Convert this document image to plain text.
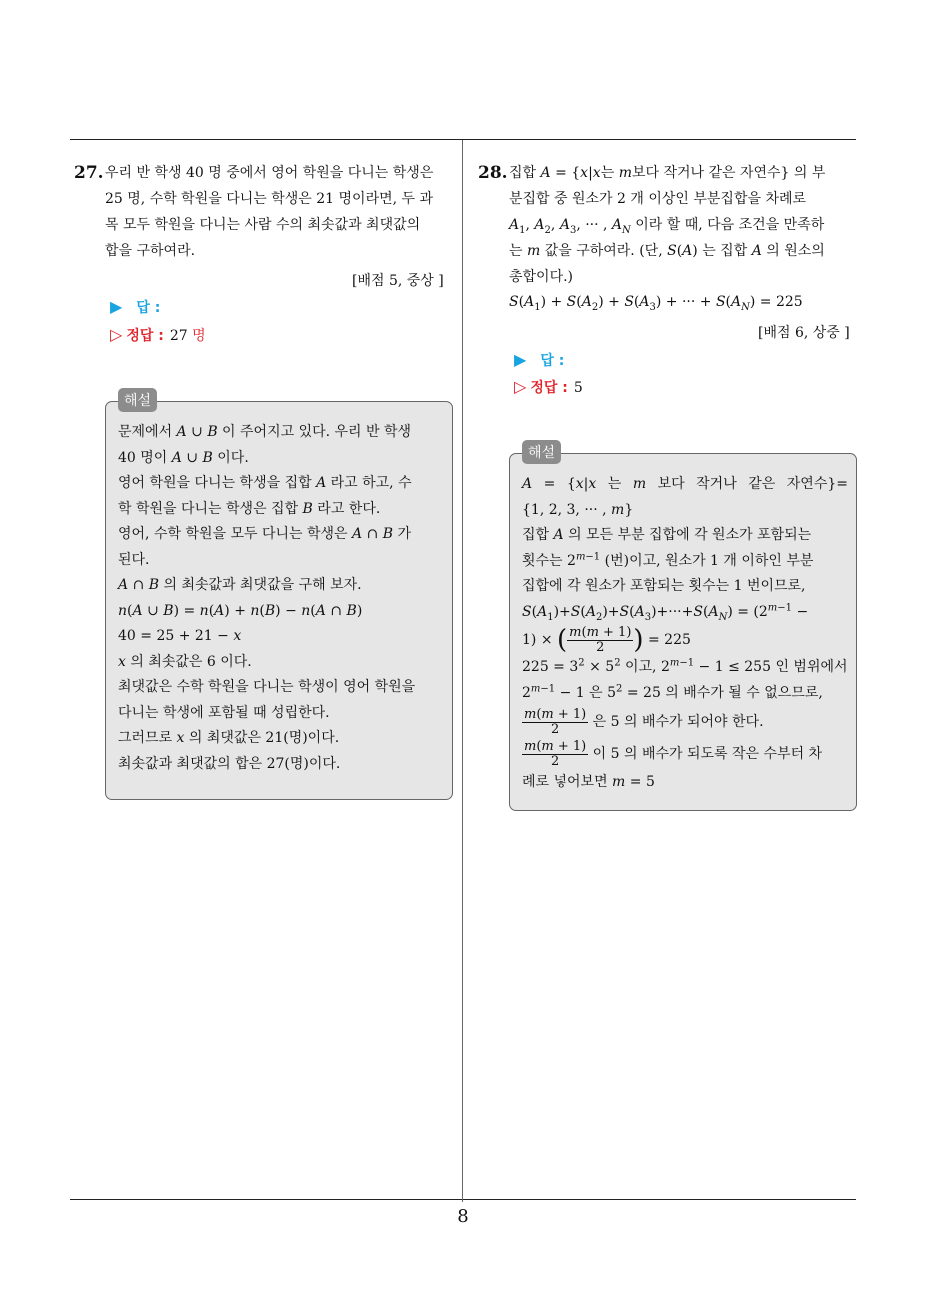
27. 우리 반 학생 40 명 중에서 영어 학원을 다니는 학생은
25 명, 수학 학원을 다니는 학생은 21 명이라면, 두 과
목 모두 학원을 다니는 사람 수의 최솟값과 최댓값의
합을 구하여라.
[배점 5, 중상 ]
▶ 답 :
▷ 정답 : 27 명
해설
문제에서 A ∪ B 이 주어지고 있다. 우리 반 학생
40 명이 A ∪ B 이다.
영어 학원을 다니는 학생을 집합 A 라고 하고, 수
학 학원을 다니는 학생은 집합 B 라고 한다.
영어, 수학 학원을 모두 다니는 학생은 A ∩ B 가
된다.
A ∩ B 의 최솟값과 최댓값을 구해 보자.
n(A ∪ B) = n(A) + n(B) − n(A ∩ B)
40 = 25 + 21 − x
x 의 최솟값은 6 이다.
최댓값은 수학 학원을 다니는 학생이 영어 학원을
다니는 학생에 포함될 때 성립한다.
그러므로 x 의 최댓값은 21(명)이다.
최솟값과 최댓값의 합은 27(명)이다.
28. 집합 A = {x|x는 m보다 작거나 같은 자연수} 의 부
분집합 중 원소가 2 개 이상인 부분집합을 차례로
$A_1$, $A_2$, $A_3$, ··· , $A_N$ 이라 할 때, 다음 조건을 만족하
는 m 값을 구하여라. (단, S(A) 는 집합 A 의 원소의
총합이다.)
$S(A_1) + S(A_2) + S(A_3)$ + ··· + $S(A_N) = 225$
[배점 6, 상중 ]
▶ 답 :
▷ 정답 : 5
해설
A = {x|x 는 m 보다 작거나 같은 자연수}=
{1, 2, 3, ··· , m}
집합 A 의 모든 부분 집합에 각 원소가 포함되는
횟수는 $2^{m-1}$ (번)이고, 원소가 1 개 이하인 부분
집합에 각 원소가 포함되는 횟수는 1 번이므로,
$S(A_1)+S(A_2)+S(A_3)+\cdot\cdot\cdot+S(A_N) = (2^{m-1}$ −
1) × ( $\frac{m(m + 1)}{2}$ ) = 225
$225 = 3^2 \times 5^2$ 이고, $2^{m-1} - 1 \le 255$ 인 범위에서
$2^{m-1} - 1$ 은 $5^2 = 25$ 의 배수가 될 수 없으므로,
$\frac{m(m + 1)}{2}$ 은 5 의 배수가 되어야 한다.
$\frac{m(m + 1)}{2}$ 이 5 의 배수가 되도록 작은 수부터 차
례로 넣어보면 m = 5
8
